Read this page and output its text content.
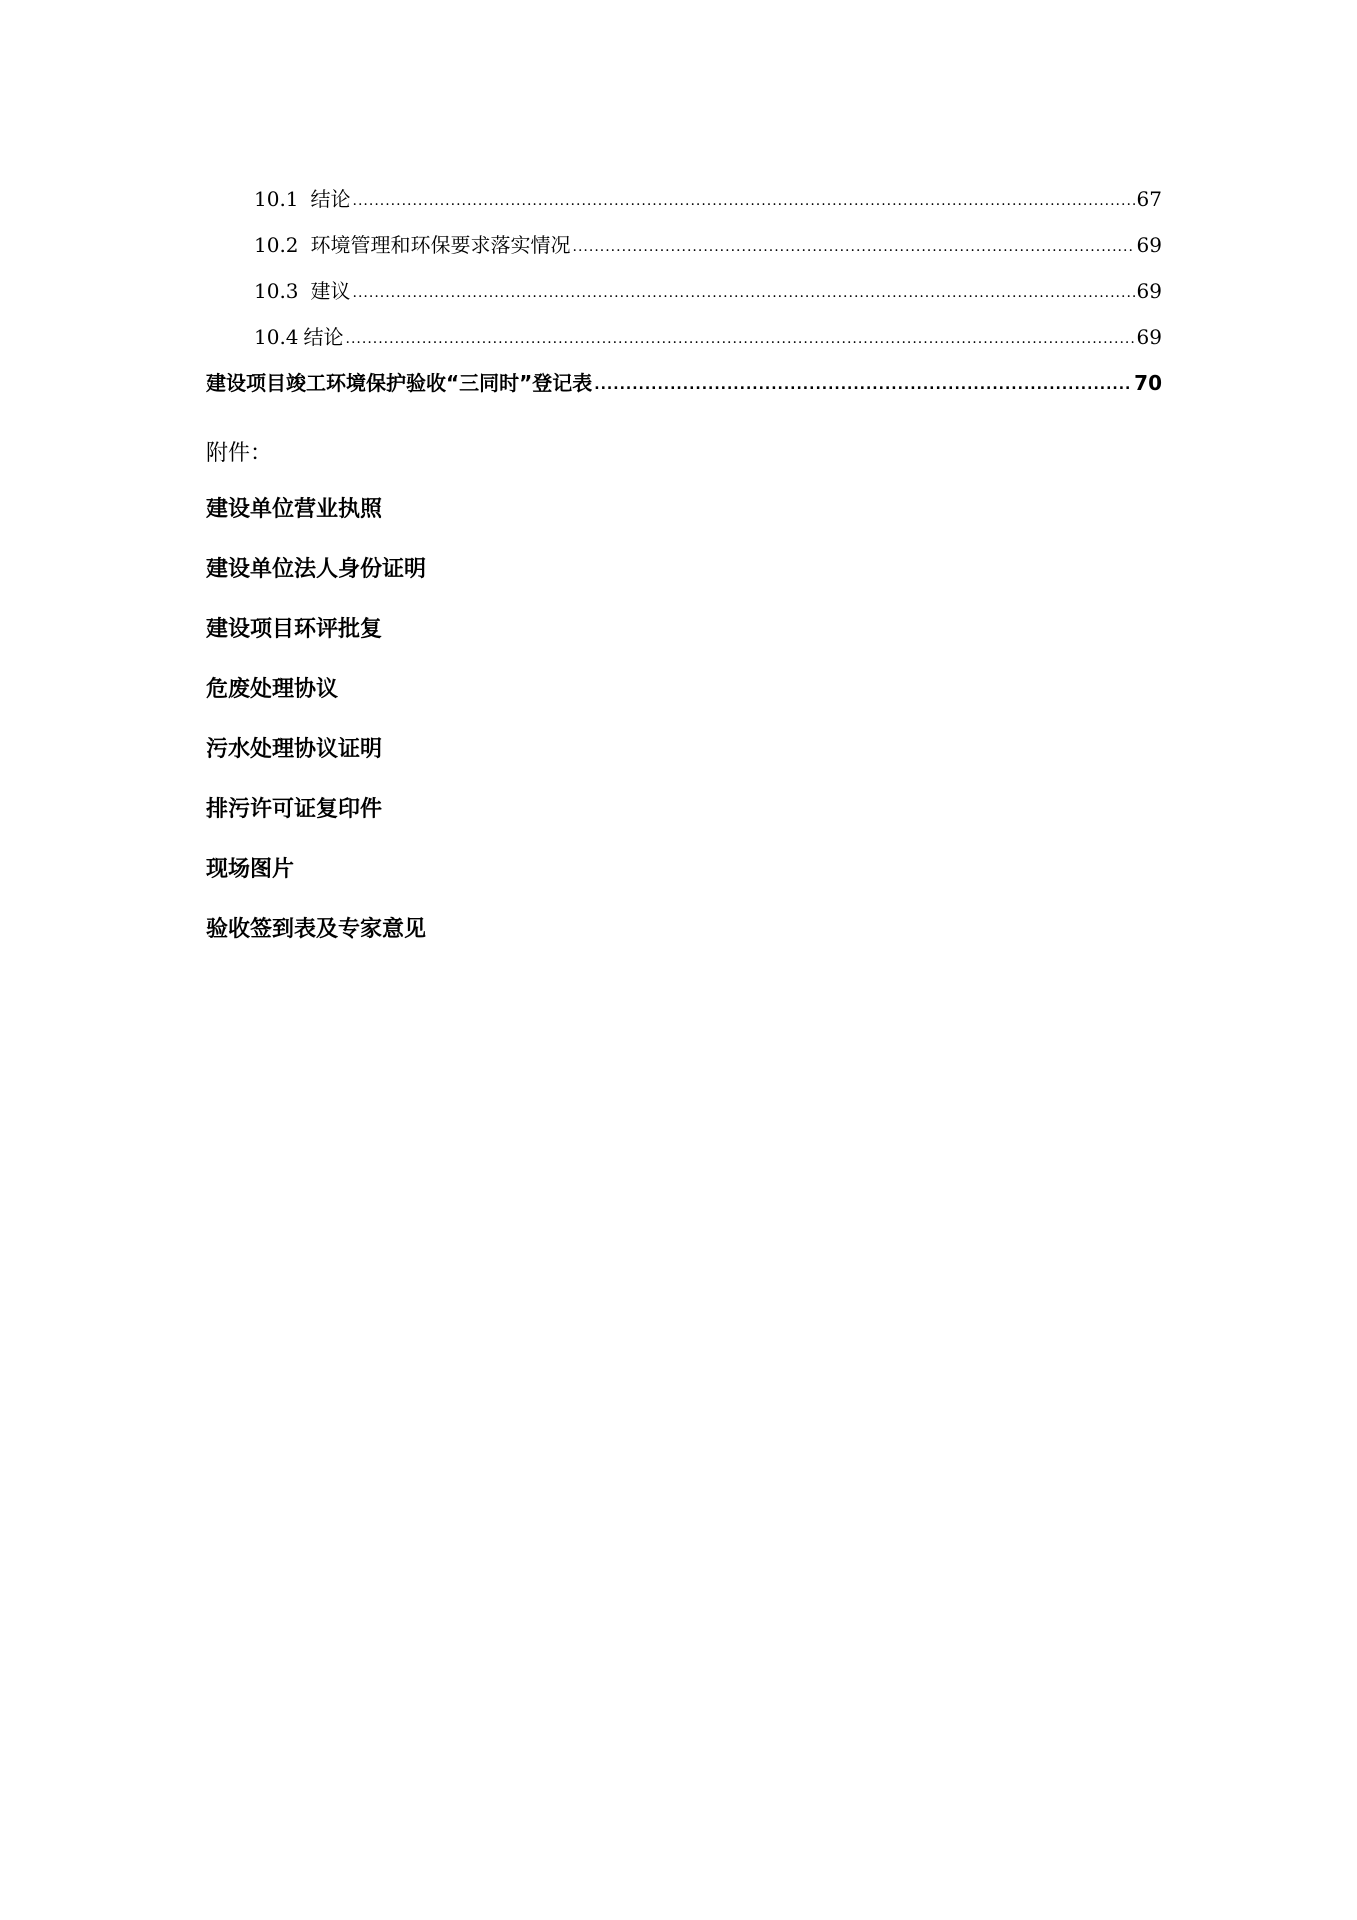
10.1 结论 .....	67
10.2 环境管理和环保要求落实情况 .....	69
10.3 建议 .....	69
10.4 结论 .....	69
建设项目竣工环境保护验收“三同时”登记表 .....	70
附件：
建设单位营业执照
建设单位法人身份证明
建设项目环评批复
危废处理协议
污水处理协议证明
排污许可证复印件
现场图片
验收签到表及专家意见
